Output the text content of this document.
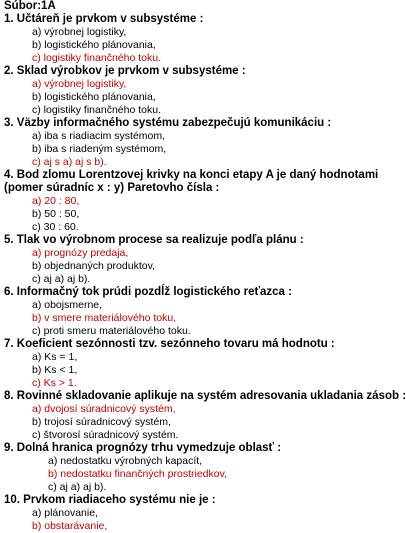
Súbor:1A
1. Učtáreň je prvkom v subsystéme :
a) výrobnej logistiky,
b) logistického plánovania,
c) logistiky finančného toku.
2. Sklad výrobkov je prvkom v subsystéme :
a) výrobnej logistiky,
b) logistického plánovania,
c) logistiky finančného toku.
3. Väzby informačného systému zabezpečujú komunikáciu :
a) iba s riadiacim systémom,
b) iba s riadeným systémom,
c) aj s a) aj s b).
4. Bod zlomu Lorentzovej krivky na konci etapy A je daný hodnotami (pomer súradníc x : y) Paretovho čísla :
a) 20 : 80,
b) 50 : 50,
c) 30 : 60.
5. Tlak vo výrobnom procese sa realizuje podľa plánu :
a) prognózy predaja,
b) objednaných produktov,
c) aj a) aj b).
6. Informačný tok prúdi pozdĺž logistického reťazca :
a) obojsmerne,
b) v smere materiálového toku,
c) proti smeru materiálového toku.
7. Koeficient sezónnosti tzv. sezónneho tovaru má hodnotu :
a) Ks = 1,
b) Ks < 1,
c) Ks > 1.
8. Rovinné skladovanie aplikuje na systém adresovania ukladania zásob :
a) dvojosí súradnicový systém,
b) trojosí súradnicový systém,
c) štvorosí súradnicový systém.
9. Dolná hranica prognózy trhu vymedzuje oblasť :
a) nedostatku výrobných kapacít,
b) nedostatku finančných prostriedkov,
c) aj a) aj b).
10. Prvkom riadiaceho systému nie je :
a) plánovanie,
b) obstarávanie,
